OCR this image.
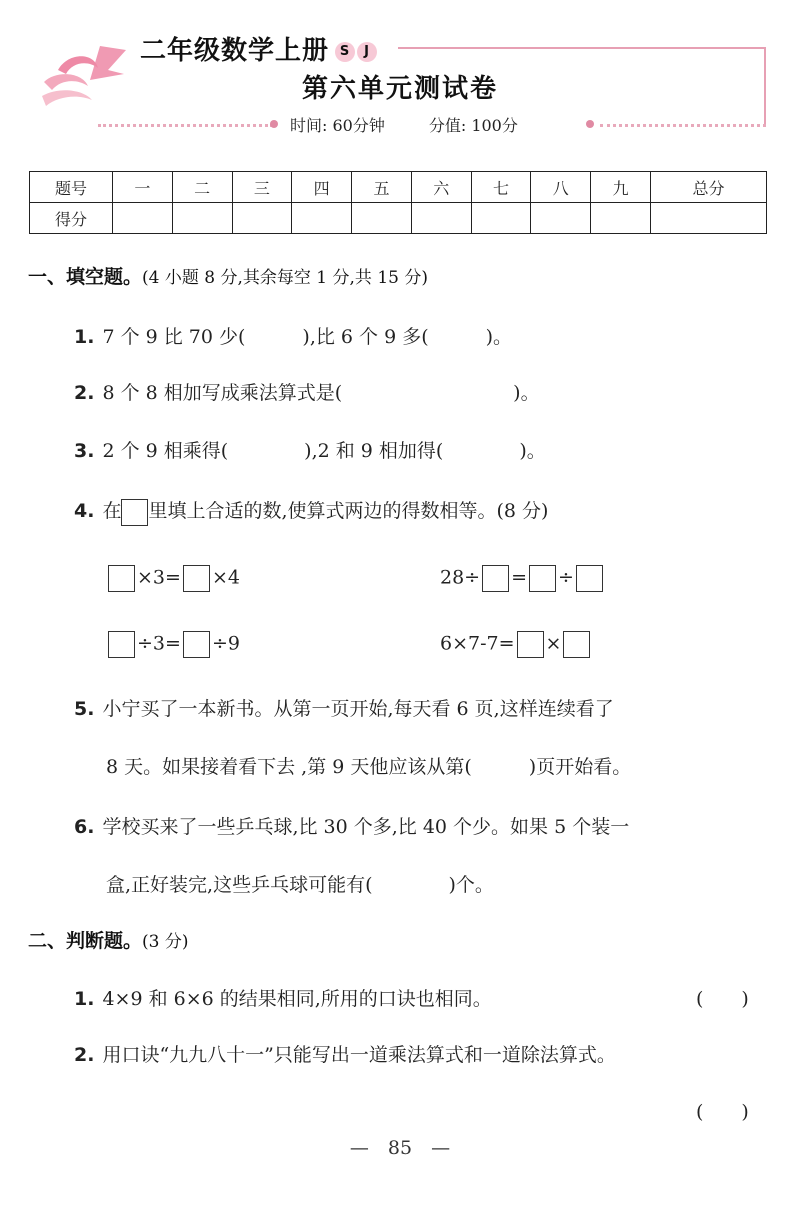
二年级数学上册 S	J
第六单元测试卷
时间: 60分钟	分值: 100分
题号	一	二	三	四	五	六	七	八	九	总分
得分										
一、填空题。(4 小题 8 分,其余每空 1 分,共 15 分)
1. 7 个 9 比 70 少(　　　),比 6 个 9 多(　　　)。
2. 8 个 8 相加写成乘法算式是(　　　　　　　　　)。
3. 2 个 9 相乘得(　　　　),2 和 9 相加得(　　　　)。
4. 在 里填上合适的数,使算式两边的得数相等。(8 分)
×3= ×4	28÷ = ÷
÷3= ÷9	6×7-7= ×
5. 小宁买了一本新书。从第一页开始,每天看 6 页,这样连续看了
8 天。如果接着看下去 ,第 9 天他应该从第(　　　)页开始看。
6. 学校买来了一些乒乓球,比 30 个多,比 40 个少。如果 5 个装一
盒,正好装完,这些乒乓球可能有(　　　　)个。
二、判断题。(3 分)
1. 4×9 和 6×6 的结果相同,所用的口诀也相同。	(　　)
2. 用口诀“九九八十一”只能写出一道乘法算式和一道除法算式。
(　　)
—　85　—
